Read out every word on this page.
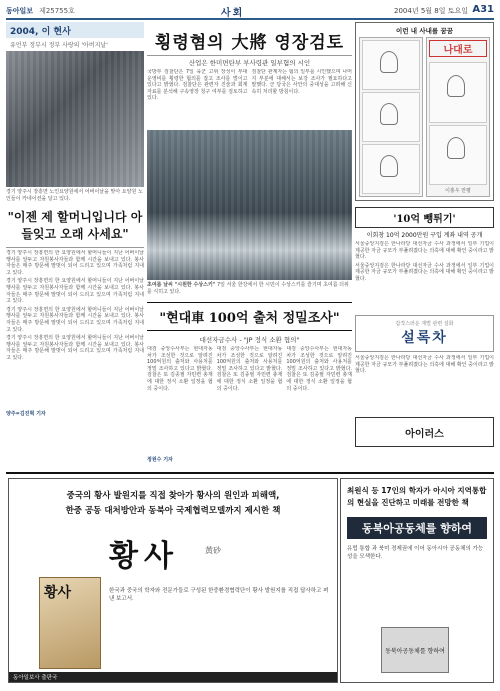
동아일보 제25755호	사회	2004년 5월 8일 토요일 A31
2004, 이 현사
유언부 정부시 정부 사랑의 '아버지날'
경기 양주시 장흥면 노인요양원에서 어버이날을 맞아 요양원 노인들이 카네이션을 달고 있다.
"이젠 제 할머니입니다 아들잊고 오래 사세요"

경기 양주시 장흥면의 한 요양원에서 할머니들이 지난 어버이날 행사를 앞두고 자원봉사자들과 함께 시간을 보내고 있다. 봉사자들은 매주 방문해 말벗이 되어 드리고 있으며 가족처럼 지내고 있다.

경기 양주시 장흥면의 한 요양원에서 할머니들이 지난 어버이날 행사를 앞두고 자원봉사자들과 함께 시간을 보내고 있다. 봉사자들은 매주 방문해 말벗이 되어 드리고 있으며 가족처럼 지내고 있다.

경기 양주시 장흥면의 한 요양원에서 할머니들이 지난 어버이날 행사를 앞두고 자원봉사자들과 함께 시간을 보내고 있다. 봉사자들은 매주 방문해 말벗이 되어 드리고 있으며 가족처럼 지내고 있다.

경기 양주시 장흥면의 한 요양원에서 할머니들이 지난 어버이날 행사를 앞두고 자원봉사자들과 함께 시간을 보내고 있다. 봉사자들은 매주 방문해 말벗이 되어 드리고 있으며 가족처럼 지내고 있다.

양주=김진혁 기자
횡령혐의 大將 영장검토
산업은 한미면탄부 부사령관 일부혐의 시인
국방부 검찰단은 7일 육군 고위 장성이 부대 운영비를 횡령한 혐의를 잡고 조사를 벌이고 있다고 밝혔다. 검찰단은 관련자 진술과 회계 자료를 분석해 구속영장 청구 여부를 검토하고 있다.
검찰단 관계자는 혐의 일부를 시인했으며 나머지 부분에 대해서는 보강 조사가 필요하다고 말했다. 군 당국은 사안의 중대성을 고려해 신속히 처리할 방침이다.
초여름 날씨 "시원한 수상스키" 7일 서울 한강에서 한 시민이 수상스키를 즐기며 초여름 더위를 식히고 있다.
"현대車 100억 출처 정밀조사"
대선자금수사 - "JP 정식 소환 협의"
대검 중앙수사부는 현대자동차가 조성한 것으로 알려진 100억원의 출처와 사용처를 정밀 조사하고 있다고 밝혔다. 검찰은 또 김종필 자민련 총재에 대한 정식 소환 일정을 협의 중이다.
대검 중앙수사부는 현대자동차가 조성한 것으로 알려진 100억원의 출처와 사용처를 정밀 조사하고 있다고 밝혔다. 검찰은 또 김종필 자민련 총재에 대한 정식 소환 일정을 협의 중이다.
대검 중앙수사부는 현대자동차가 조성한 것으로 알려진 100억원의 출처와 사용처를 정밀 조사하고 있다고 밝혔다. 검찰은 또 김종필 자민련 총재에 대한 정식 소환 일정을 협의 중이다.
정원수 기자
이런 내 사내를 꿈꿈
나대로
이홍우 만평
'10억 뺑튀기'
이회창 10억 2000만원 구입 계좌 내역 공개

서울중앙지검은 한나라당 대선자금 수사 과정에서 일부 기업이 제공한 자금 규모가 부풀려졌다는 의혹에 대해 확인 중이라고 밝혔다.

서울중앙지검은 한나라당 대선자금 수사 과정에서 일부 기업이 제공한 자금 규모가 부풀려졌다는 의혹에 대해 확인 중이라고 밝혔다.

갑작스러운 재벌 관련 설화
설록차

서울중앙지검은 한나라당 대선자금 수사 과정에서 일부 기업이 제공한 자금 규모가 부풀려졌다는 의혹에 대해 확인 중이라고 밝혔다.

아이러스
중국의 황사 발원지를 직접 찾아가 황사의 원인과 피해액,
한중 공동 대처방안과 동북아 국제협력모델까지 제시한 책
황사	黃砂
황사	한국과 중국의 학자와 전문가들로 구성된 한중환경협력단이 황사 발원지를 직접 답사하고 펴낸 보고서.
동아일보사 출판국
최원식 등 17인의 학자가 아시아 지역통합의 현실을 진단하고 미래를 전망한 책
동북아공동체를 향하여
유럽 통합 과 북미 경제권에 이어 동아시아 공동체의 가능성을 모색한다.
동북아공동체를 향하여
